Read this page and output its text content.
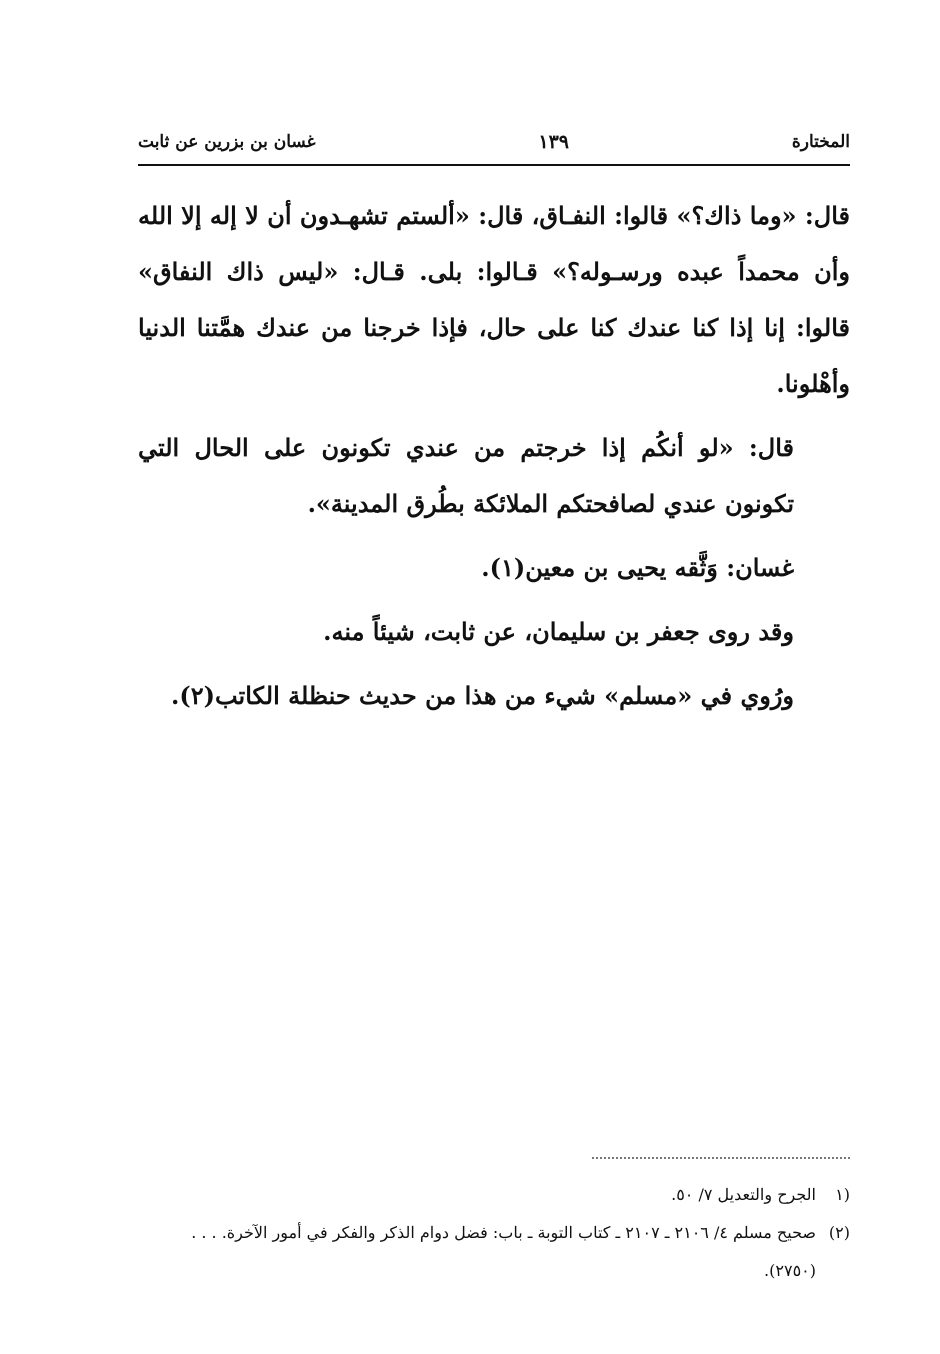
المختارة
١٣٩
غسان بن بزرين عن ثابت

قال: «وما ذاك؟» قالوا: النفـاق، قال: «ألستم تشهـدون أن لا إله إلا الله وأن محمداً عبده ورسـوله؟» قـالوا: بلى. قـال: «ليس ذاك النفاق» قالوا: إنا إذا كنا عندك كنا على حال، فإذا خرجنا من عندك همَّتنا الدنيا وأهْلونا.

قال: «لو أنكُم إذا خرجتم من عندي تكونون على الحال التي تكونون عندي لصافحتكم الملائكة بطُرق المدينة».

غسان: وَثَّقه يحيى بن معين(١).

وقد روى جعفر بن سليمان، عن ثابت، شيئاً منه.

ورُوي في «مسلم» شيء من هذا من حديث حنظلة الكاتب(٢).

(١الجرح والتعديل ٧/ ٥٠.

(٢)صحيح مسلم ٤/ ٢١٠٦ ـ ٢١٠٧ ـ كتاب التوبة ـ باب: فضل دوام الذكر والفكر في أمور الآخرة. . . . (٢٧٥٠).
